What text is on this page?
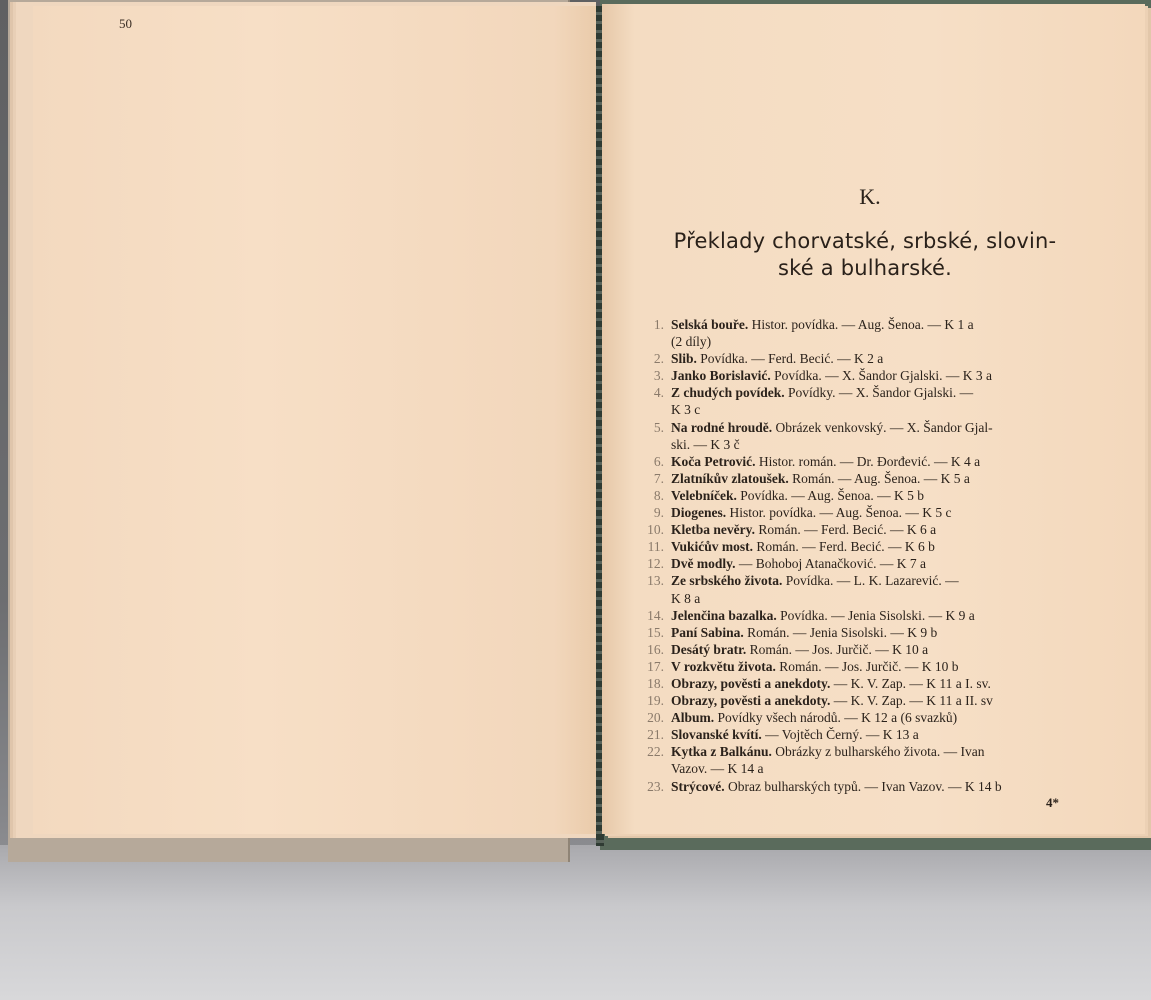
50
K.
Překlady chorvatské, srbské, slovin-
ské a bulharské.
1. Selská bouře. Histor. povídka. — Aug. Šenoa. — K 1 a
(2 díly)
2. Slib. Povídka. — Ferd. Becić. — K 2 a
3. Janko Borislavić. Povídka. — X. Šandor Gjalski. — K 3 a
4. Z chudých povídek. Povídky. — X. Šandor Gjalski. —
K 3 c
5. Na rodné hroudě. Obrázek venkovský. — X. Šandor Gjal-
ski. — K 3 č
6. Koča Petrović. Histor. román. — Dr. Đorđević. — K 4 a
7. Zlatníkův zlatoušek. Román. — Aug. Šenoa. — K 5 a
8. Velebníček. Povídka. — Aug. Šenoa. — K 5 b
9. Diogenes. Histor. povídka. — Aug. Šenoa. — K 5 c
10. Kletba nevěry. Román. — Ferd. Becić. — K 6 a
11. Vukićův most. Román. — Ferd. Becić. — K 6 b
12. Dvě modly. — Bohoboj Atanačković. — K 7 a
13. Ze srbského života. Povídka. — L. K. Lazarević. —
K 8 a
14. Jelenčina bazalka. Povídka. — Jenia Sisolski. — K 9 a
15. Paní Sabina. Román. — Jenia Sisolski. — K 9 b
16. Desátý bratr. Román. — Jos. Jurčič. — K 10 a
17. V rozkvětu života. Román. — Jos. Jurčič. — K 10 b
18. Obrazy, pověsti a anekdoty. — K. V. Zap. — K 11 a I. sv.
19. Obrazy, pověsti a anekdoty. — K. V. Zap. — K 11 a II. sv
20. Album. Povídky všech národů. — K 12 a (6 svazků)
21. Slovanské kvítí. — Vojtěch Černý. — K 13 a
22. Kytka z Balkánu. Obrázky z bulharského života. — Ivan
Vazov. — K 14 a
23. Strýcové. Obraz bulharských typů. — Ivan Vazov. — K 14 b
4*
